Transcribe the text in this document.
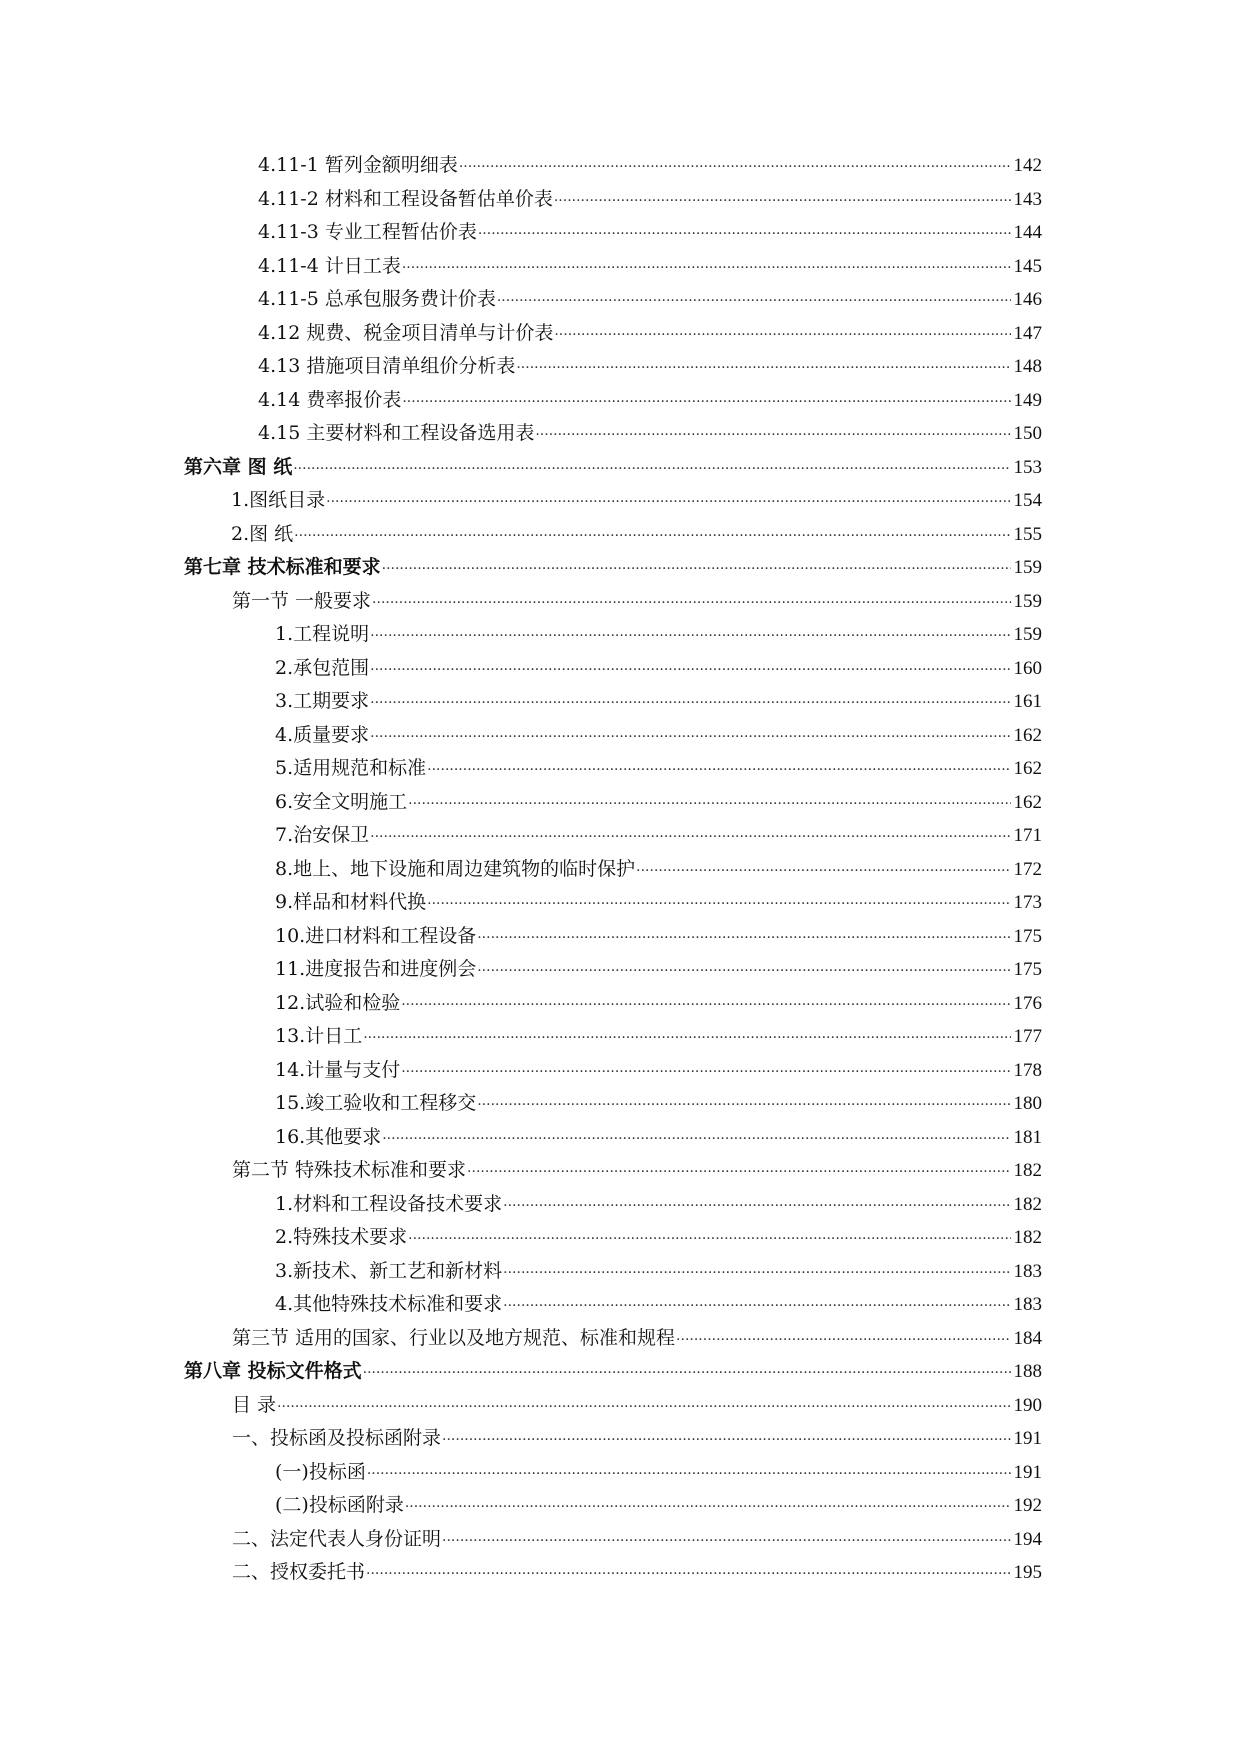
4.11-1 暂列金额明细表 ·····	142
4.11-2 材料和工程设备暂估单价表 ·····	143
4.11-3 专业工程暂估价表 ·····	144
4.11-4 计日工表 ·····	145
4.11-5 总承包服务费计价表 ·····	146
4.12 规费、税金项目清单与计价表 ·····	147
4.13 措施项目清单组价分析表 ·····	148
4.14 费率报价表 ·····	149
4.15 主要材料和工程设备选用表 ·····	150
第六章 图 纸 ·····	153
1.图纸目录 ·····	154
2.图 纸 ·····	155
第七章 技术标准和要求 ·····	159
第一节 一般要求 ·····	159
1.工程说明 ·····	159
2.承包范围 ·····	160
3.工期要求 ·····	161
4.质量要求 ·····	162
5.适用规范和标准 ·····	162
6.安全文明施工 ·····	162
7.治安保卫 ·····	171
8.地上、地下设施和周边建筑物的临时保护 ·····	172
9.样品和材料代换 ·····	173
10.进口材料和工程设备 ·····	175
11.进度报告和进度例会 ·····	175
12.试验和检验 ·····	176
13.计日工 ·····	177
14.计量与支付 ·····	178
15.竣工验收和工程移交 ·····	180
16.其他要求 ·····	181
第二节 特殊技术标准和要求 ·····	182
1.材料和工程设备技术要求 ·····	182
2.特殊技术要求 ·····	182
3.新技术、新工艺和新材料 ·····	183
4.其他特殊技术标准和要求 ·····	183
第三节 适用的国家、行业以及地方规范、标准和规程 ·····	184
第八章 投标文件格式 ·····	188
目 录 ·····	190
一、投标函及投标函附录 ·····	191
(一)投标函 ·····	191
(二)投标函附录 ·····	192
二、法定代表人身份证明 ·····	194
二、授权委托书 ·····	195
